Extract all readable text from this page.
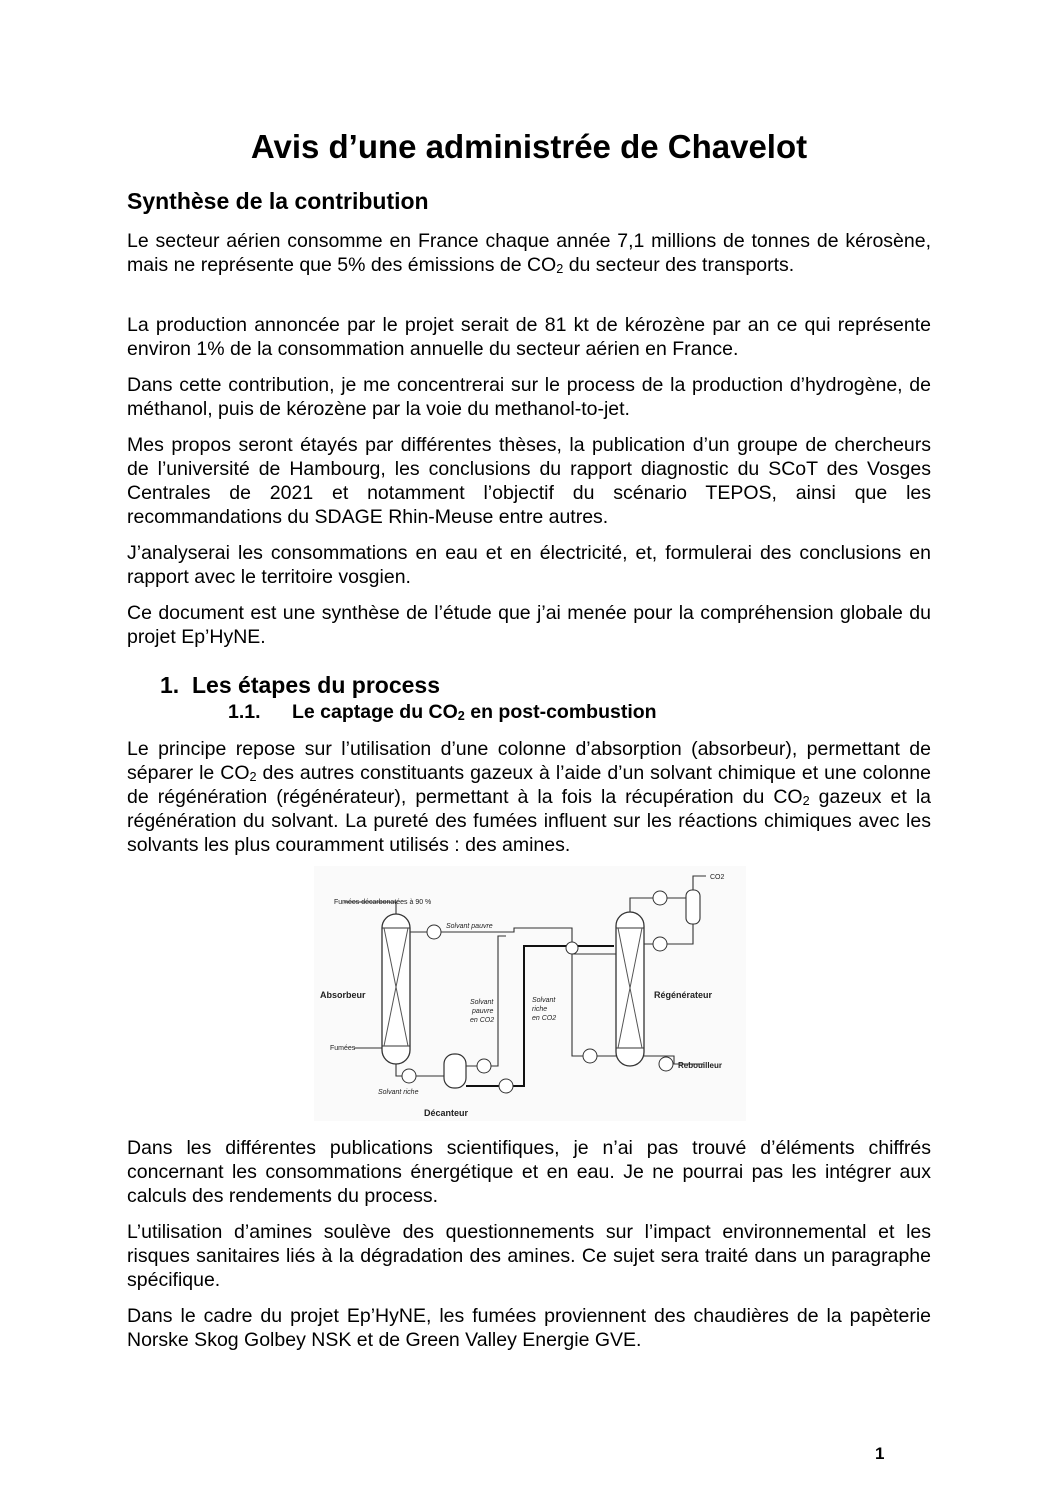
Avis d’une administrée de Chavelot
Synthèse de la contribution

Le secteur aérien consomme en France chaque année 7,1 millions de tonnes de kérosène, mais ne représente que 5% des émissions de $CO_2$ du secteur des transports.

La production annoncée par le projet serait de 81 kt de kérozène par an ce qui représente environ 1% de la consommation annuelle du secteur aérien en France.

Dans cette contribution, je me concentrerai sur le process de la production d’hydrogène, de méthanol, puis de kérozène par la voie du methanol-to-jet.

Mes propos seront étayés par différentes thèses, la publication d’un groupe de chercheurs de l’université de Hambourg, les conclusions du rapport diagnostic du SCoT des Vosges Centrales de 2021 et notamment l’objectif du scénario TEPOS, ainsi que les recommandations du SDAGE Rhin-Meuse entre autres.

J’analyserai les consommations en eau et en électricité, et, formulerai des conclusions en rapport avec le territoire vosgien.

Ce document est une synthèse de l’étude que j’ai menée pour la compréhension globale du projet Ep’HyNE.

1. Les étapes du process
1.1. Le captage du $CO_2$ en post-combustion

Le principe repose sur l’utilisation d’une colonne d’absorption (absorbeur), permettant de séparer le $CO_2$ des autres constituants gazeux à l’aide d’un solvant chimique et une colonne de régénération (régénérateur), permettant à la fois la récupération du $CO_2$ gazeux et la régénération du solvant. La pureté des fumées influent sur les réactions chimiques avec les solvants les plus couramment utilisés : des amines.

Fumées décarbonatées à 90 %
Solvant pauvre
Absorbeur
Fumées
Solvant riche
Décanteur
Solvant
pauvre
en CO2
Solvant
riche
en CO2
Régénérateur
Rebouilleur
CO2

Dans les différentes publications scientifiques, je n’ai pas trouvé d’éléments chiffrés concernant les consommations énergétique et en eau. Je ne pourrai pas les intégrer aux calculs des rendements du process.

L’utilisation d’amines soulève des questionnements sur l’impact environnemental et les risques sanitaires liés à la dégradation des amines. Ce sujet sera traité dans un paragraphe spécifique.

Dans le cadre du projet Ep’HyNE, les fumées proviennent des chaudières de la papèterie Norske Skog Golbey NSK et de Green Valley Energie GVE.

1
